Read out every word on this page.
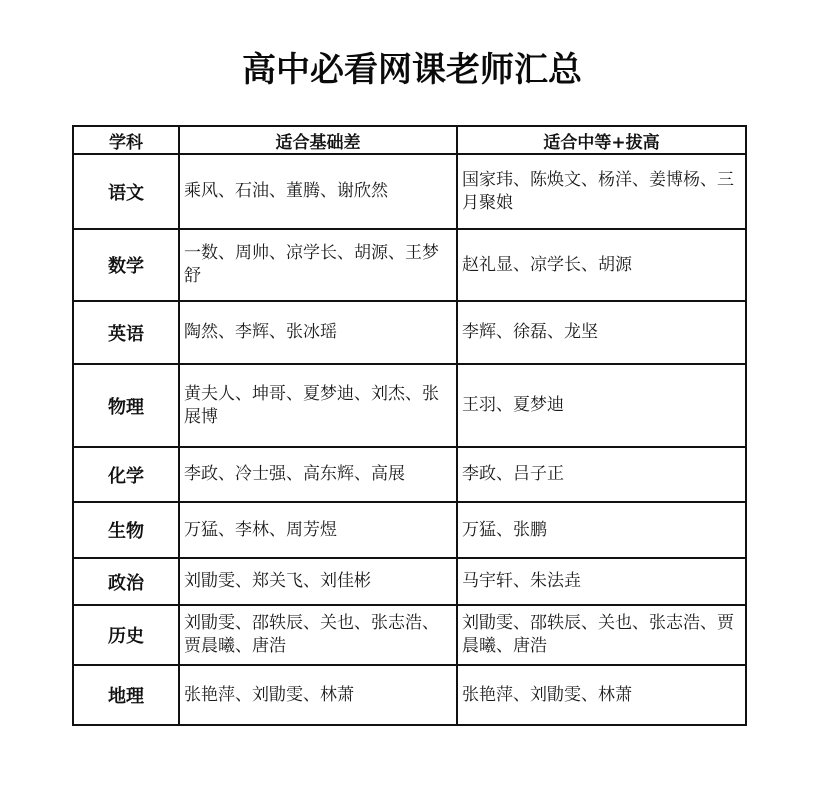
高中必看网课老师汇总
学科	适合基础差	适合中等+拔高
语文	乘风、石油、董腾、谢欣然	国家玮、陈焕文、杨洋、姜博杨、三月聚娘
数学	一数、周帅、凉学长、胡源、王梦舒	赵礼显、凉学长、胡源
英语	陶然、李辉、张冰瑶	李辉、徐磊、龙坚
物理	黄夫人、坤哥、夏梦迪、刘杰、张展博	王羽、夏梦迪
化学	李政、冷士强、高东辉、高展	李政、吕子正
生物	万猛、李林、周芳煜	万猛、张鹏
政治	刘勖雯、郑关飞、刘佳彬	马宇轩、朱法垚
历史	刘勖雯、邵轶辰、关也、张志浩、贾晨曦、唐浩	刘勖雯、邵轶辰、关也、张志浩、贾晨曦、唐浩
地理	张艳萍、刘勖雯、林萧	张艳萍、刘勖雯、林萧
